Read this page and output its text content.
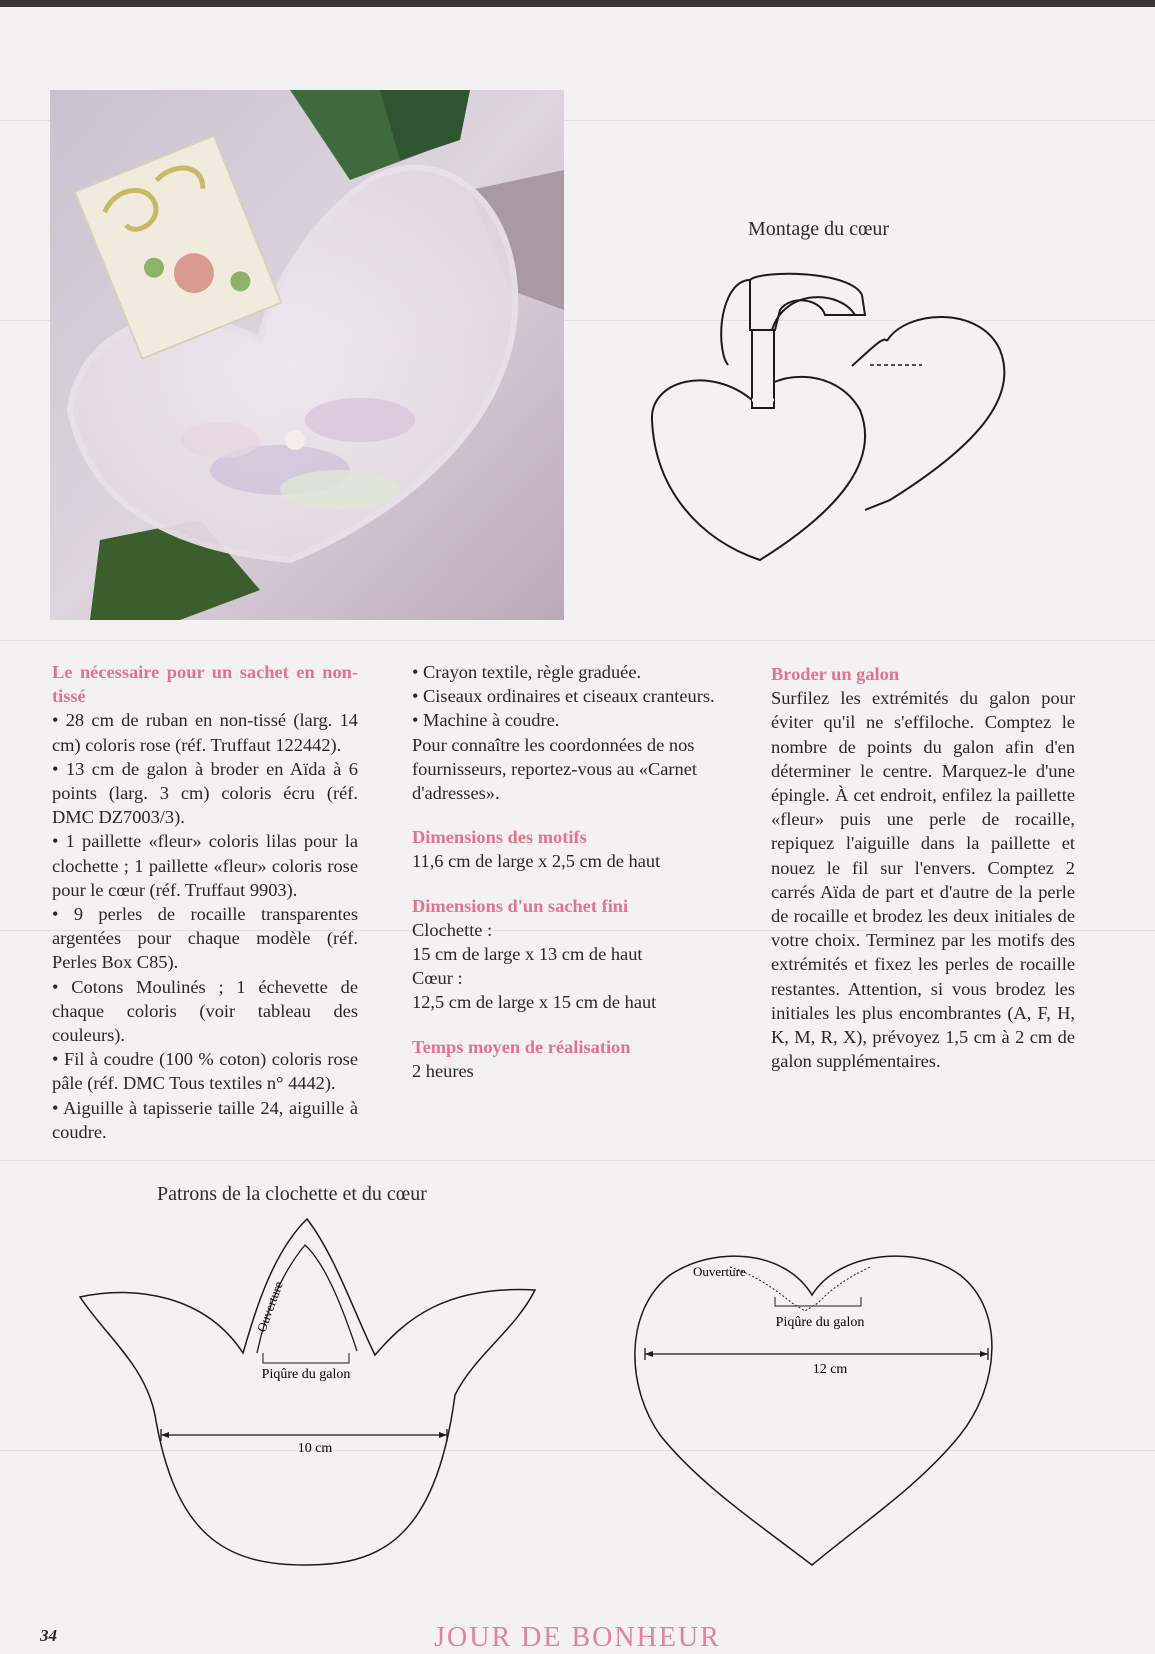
Montage du cœur

Le nécessaire pour un sachet en non-tissé

• 28 cm de ruban en non-tissé (larg. 14 cm) coloris rose (réf. Truffaut 122442).

• 13 cm de galon à broder en Aïda à 6 points (larg. 3 cm) coloris écru (réf. DMC DZ7003/3).

• 1 paillette «fleur» coloris lilas pour la clochette ; 1 paillette «fleur» coloris rose pour le cœur (réf. Truffaut 9903).

• 9 perles de rocaille transparentes argentées pour chaque modèle (réf. Perles Box C85).

• Cotons Moulinés ; 1 échevette de chaque coloris (voir tableau des couleurs).

• Fil à coudre (100 % coton) coloris rose pâle (réf. DMC Tous textiles n° 4442).

• Aiguille à tapisserie taille 24, aiguille à coudre.

• Crayon textile, règle graduée.

• Ciseaux ordinaires et ciseaux cranteurs.

• Machine à coudre.

Pour connaître les coordonnées de nos fournisseurs, reportez-vous au «Carnet d'adresses».

Dimensions des motifs

11,6 cm de large x 2,5 cm de haut

Dimensions d'un sachet fini

Clochette :

15 cm de large x 13 cm de haut

Cœur :

12,5 cm de large x 15 cm de haut

Temps moyen de réalisation

2 heures

Broder un galon

Surfilez les extrémités du galon pour éviter qu'il ne s'effiloche. Comptez le nombre de points du galon afin d'en déterminer le centre. Marquez-le d'une épingle. À cet endroit, enfilez la paillette «fleur» puis une perle de rocaille, repiquez l'aiguille dans la paillette et nouez le fil sur l'envers. Comptez 2 carrés Aïda de part et d'autre de la perle de rocaille et brodez les deux initiales de votre choix. Terminez par les motifs des extrémités et fixez les perles de rocaille restantes. Attention, si vous brodez les initiales les plus encombrantes (A, F, H, K, M, R, X), prévoyez 1,5 cm à 2 cm de galon supplémentaires.

Patrons de la clochette et du cœur
Ouverture
Piqûre du galon
10 cm
Ouverture
Piqûre du galon
12 cm
34	JOUR DE BONHEUR
